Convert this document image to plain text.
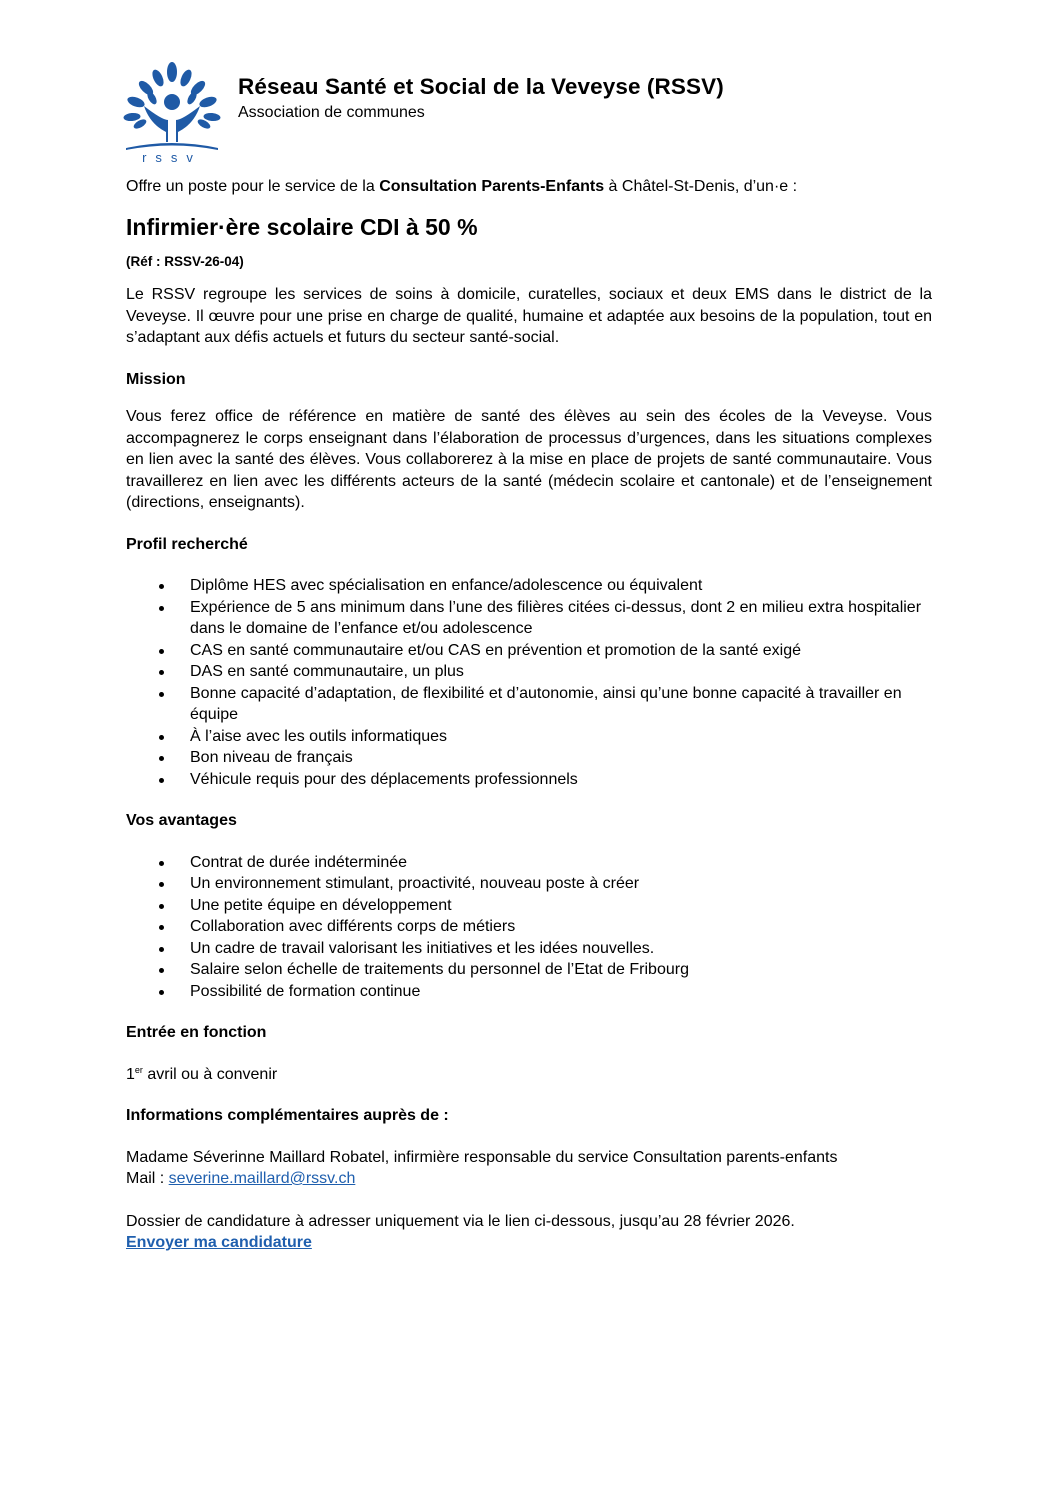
rssv
Réseau Santé et Social de la Veveyse (RSSV)
Association de communes

Offre un poste pour le service de la Consultation Parents-Enfants à Châtel-St-Denis, d’un·e :

Infirmier·ère scolaire CDI à 50 %

(Réf : RSSV-26-04)

Le RSSV regroupe les services de soins à domicile, curatelles, sociaux et deux EMS dans le district de la Veveyse. Il œuvre pour une prise en charge de qualité, humaine et adaptée aux besoins de la population, tout en s’adaptant aux défis actuels et futurs du secteur santé-social.

Mission

Vous ferez office de référence en matière de santé des élèves au sein des écoles de la Veveyse. Vous accompagnerez le corps enseignant dans l’élaboration de processus d’urgences, dans les situations complexes en lien avec la santé des élèves. Vous collaborerez à la mise en place de projets de santé communautaire. Vous travaillerez en lien avec les différents acteurs de la santé (médecin scolaire et cantonale) et de l’enseignement (directions, enseignants).

Profil recherché
Diplôme HES avec spécialisation en enfance/adolescence ou équivalent
Expérience de 5 ans minimum dans l’une des filières citées ci-dessus, dont 2 en milieu extra hospitalier dans le domaine de l’enfance et/ou adolescence
CAS en santé communautaire et/ou CAS en prévention et promotion de la santé exigé
DAS en santé communautaire, un plus
Bonne capacité d’adaptation, de flexibilité et d’autonomie, ainsi qu’une bonne capacité à travailler en équipe
À l’aise avec les outils informatiques
Bon niveau de français
Véhicule requis pour des déplacements professionnels
Vos avantages
Contrat de durée indéterminée
Un environnement stimulant, proactivité, nouveau poste à créer
Une petite équipe en développement
Collaboration avec différents corps de métiers
Un cadre de travail valorisant les initiatives et les idées nouvelles.
Salaire selon échelle de traitements du personnel de l’Etat de Fribourg
Possibilité de formation continue
Entrée en fonction

1er avril ou à convenir

Informations complémentaires auprès de :

Madame Séverinne Maillard Robatel, infirmière responsable du service Consultation parents-enfants
Mail : severine.maillard@rssv.ch

Dossier de candidature à adresser uniquement via le lien ci-dessous, jusqu’au 28 février 2026.
Envoyer ma candidature
